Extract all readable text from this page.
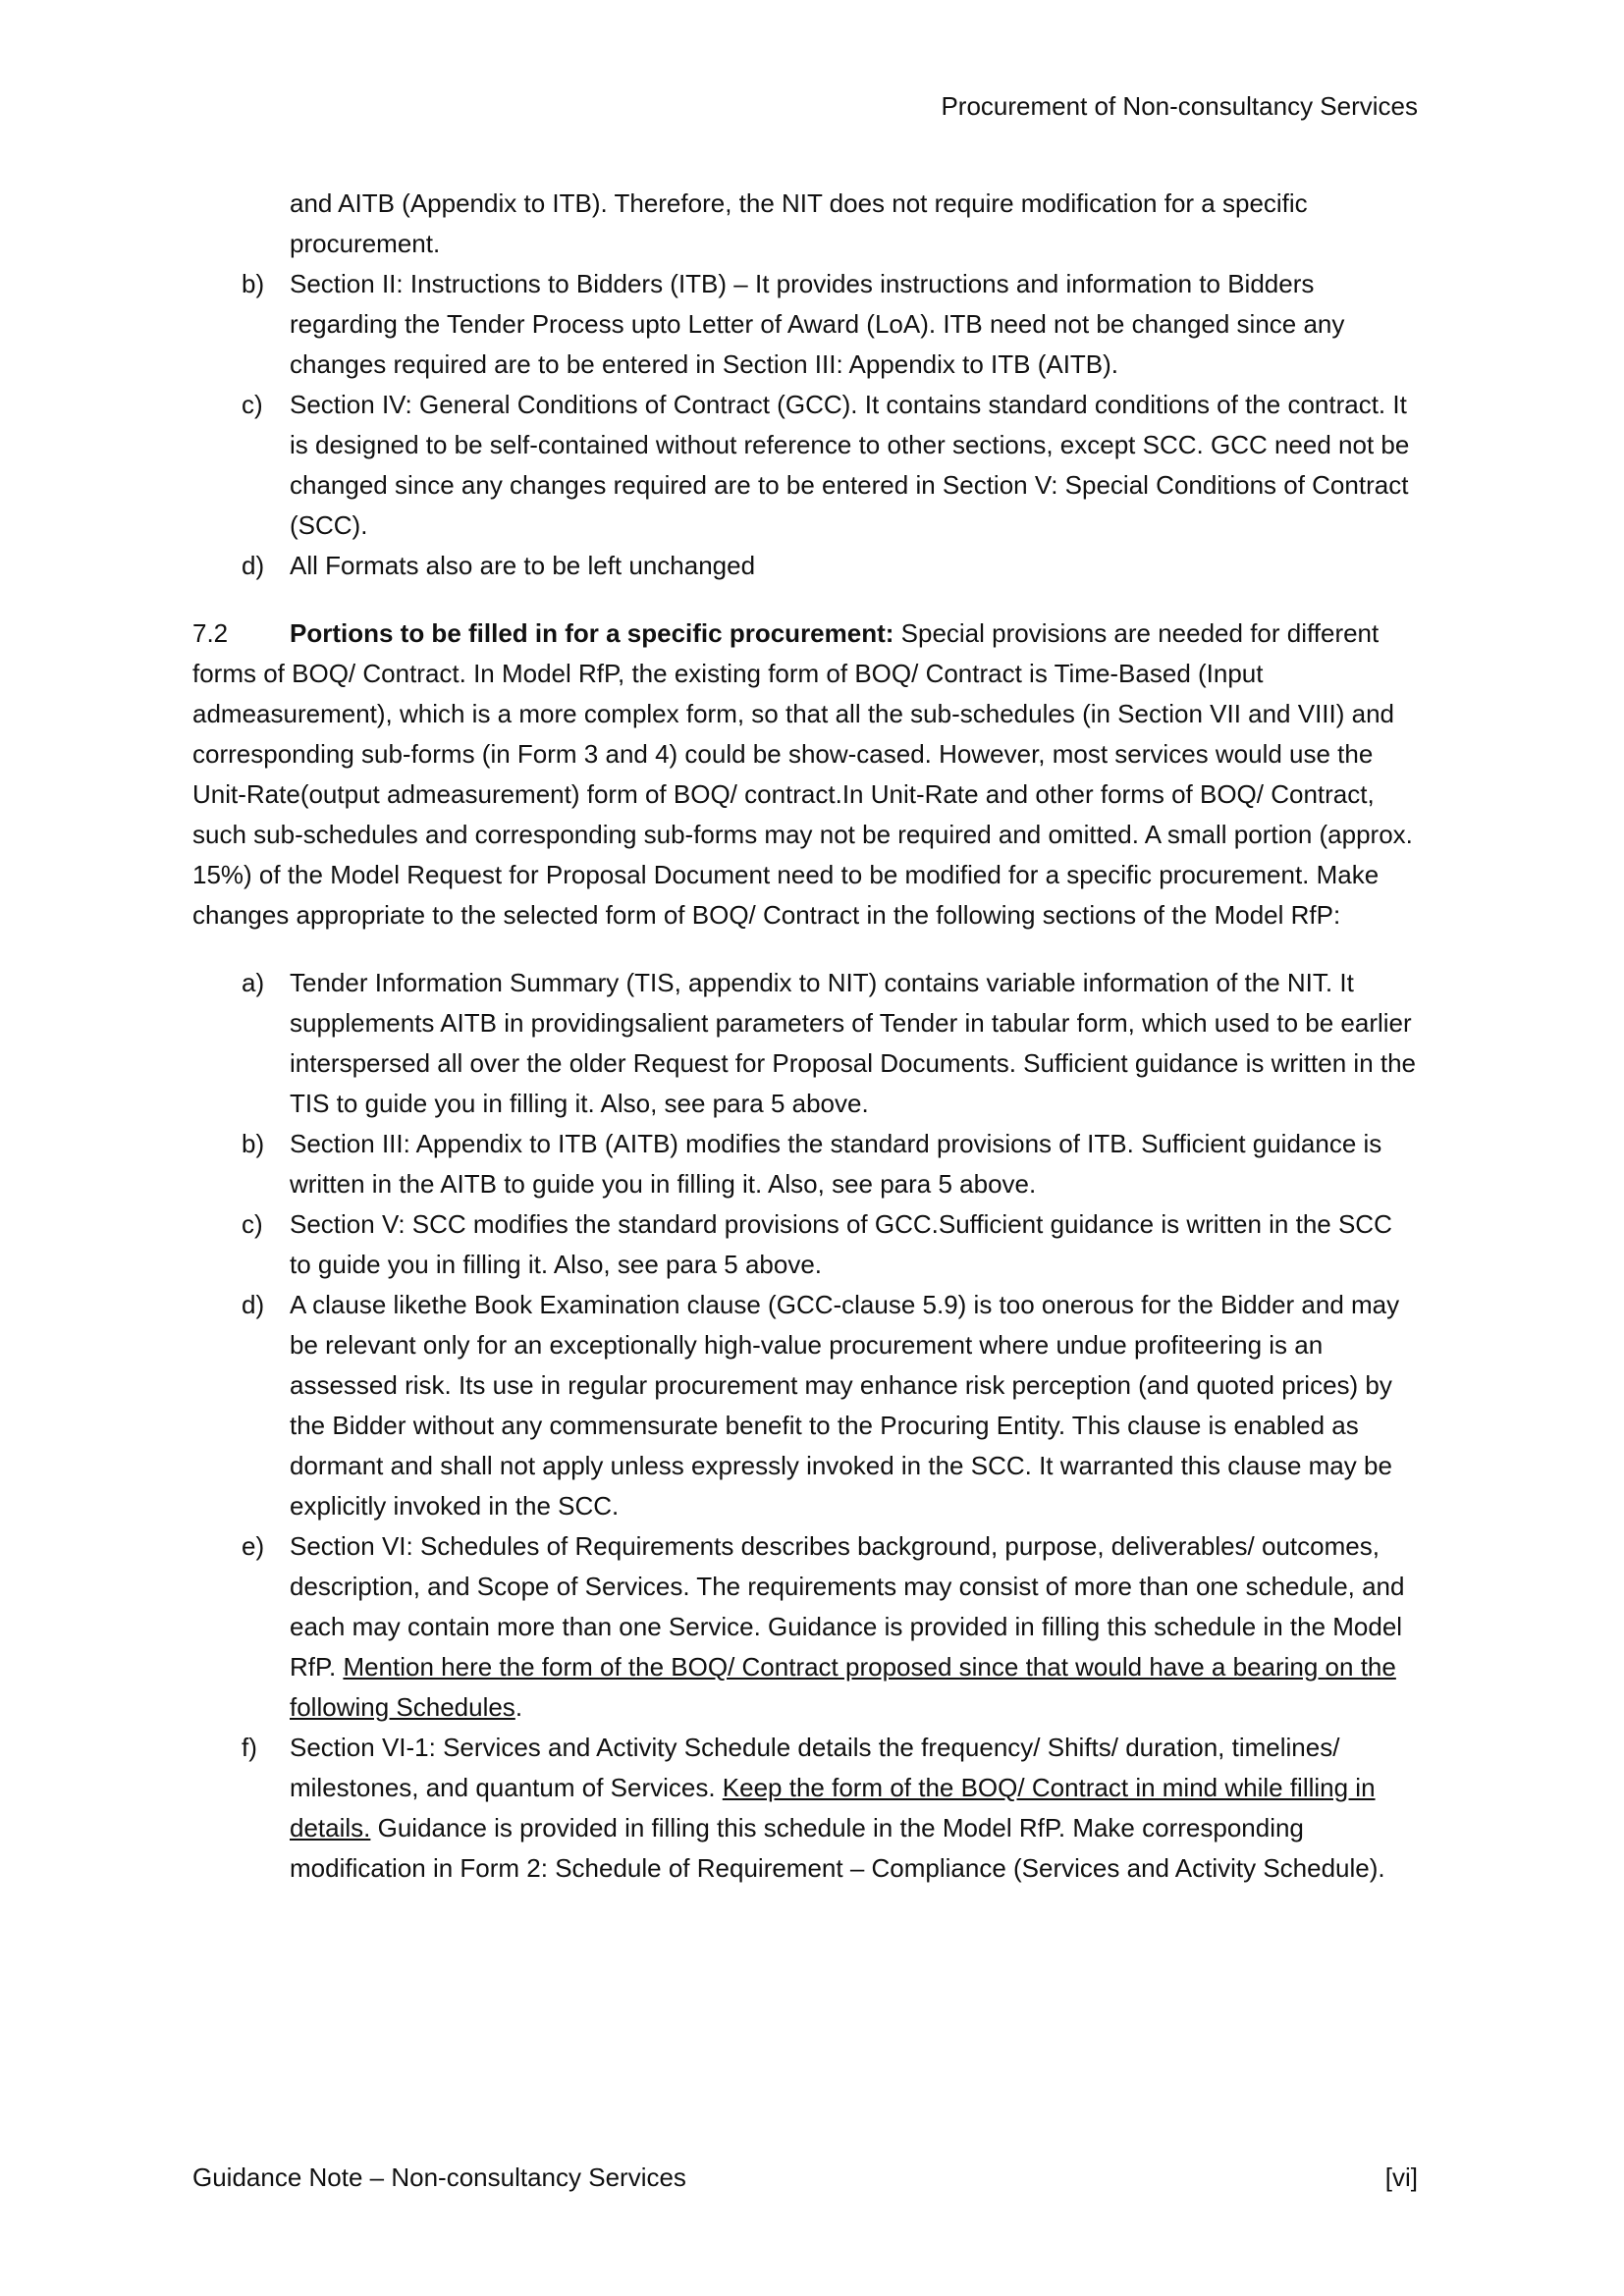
Procurement of Non-consultancy Services
and AITB (Appendix to ITB). Therefore, the NIT does not require modification for a specific procurement.
b) Section II: Instructions to Bidders (ITB) – It provides instructions and information to Bidders regarding the Tender Process upto Letter of Award (LoA). ITB need not be changed since any changes required are to be entered in Section III: Appendix to ITB (AITB).
c) Section IV: General Conditions of Contract (GCC). It contains standard conditions of the contract. It is designed to be self-contained without reference to other sections, except SCC. GCC need not be changed since any changes required are to be entered in Section V: Special Conditions of Contract (SCC).
d) All Formats also are to be left unchanged
7.2 Portions to be filled in for a specific procurement: Special provisions are needed for different forms of BOQ/ Contract. In Model RfP, the existing form of BOQ/ Contract is Time-Based (Input admeasurement), which is a more complex form, so that all the sub-schedules (in Section VII and VIII) and corresponding sub-forms (in Form 3 and 4) could be show-cased. However, most services would use the Unit-Rate(output admeasurement) form of BOQ/ contract.In Unit-Rate and other forms of BOQ/ Contract, such sub-schedules and corresponding sub-forms may not be required and omitted. A small portion (approx. 15%) of the Model Request for Proposal Document need to be modified for a specific procurement. Make changes appropriate to the selected form of BOQ/ Contract in the following sections of the Model RfP:
a) Tender Information Summary (TIS, appendix to NIT) contains variable information of the NIT. It supplements AITB in providingsalient parameters of Tender in tabular form, which used to be earlier interspersed all over the older Request for Proposal Documents. Sufficient guidance is written in the TIS to guide you in filling it. Also, see para 5 above.
b) Section III: Appendix to ITB (AITB) modifies the standard provisions of ITB. Sufficient guidance is written in the AITB to guide you in filling it. Also, see para 5 above.
c) Section V: SCC modifies the standard provisions of GCC.Sufficient guidance is written in the SCC to guide you in filling it. Also, see para 5 above.
d) A clause likethe Book Examination clause (GCC-clause 5.9) is too onerous for the Bidder and may be relevant only for an exceptionally high-value procurement where undue profiteering is an assessed risk. Its use in regular procurement may enhance risk perception (and quoted prices) by the Bidder without any commensurate benefit to the Procuring Entity. This clause is enabled as dormant and shall not apply unless expressly invoked in the SCC. It warranted this clause may be explicitly invoked in the SCC.
e) Section VI: Schedules of Requirements describes background, purpose, deliverables/ outcomes, description, and Scope of Services. The requirements may consist of more than one schedule, and each may contain more than one Service. Guidance is provided in filling this schedule in the Model RfP. Mention here the form of the BOQ/ Contract proposed since that would have a bearing on the following Schedules.
f) Section VI-1: Services and Activity Schedule details the frequency/ Shifts/ duration, timelines/ milestones, and quantum of Services. Keep the form of the BOQ/ Contract in mind while filling in details. Guidance is provided in filling this schedule in the Model RfP. Make corresponding modification in Form 2: Schedule of Requirement – Compliance (Services and Activity Schedule).
Guidance Note – Non-consultancy Services	[vi]
